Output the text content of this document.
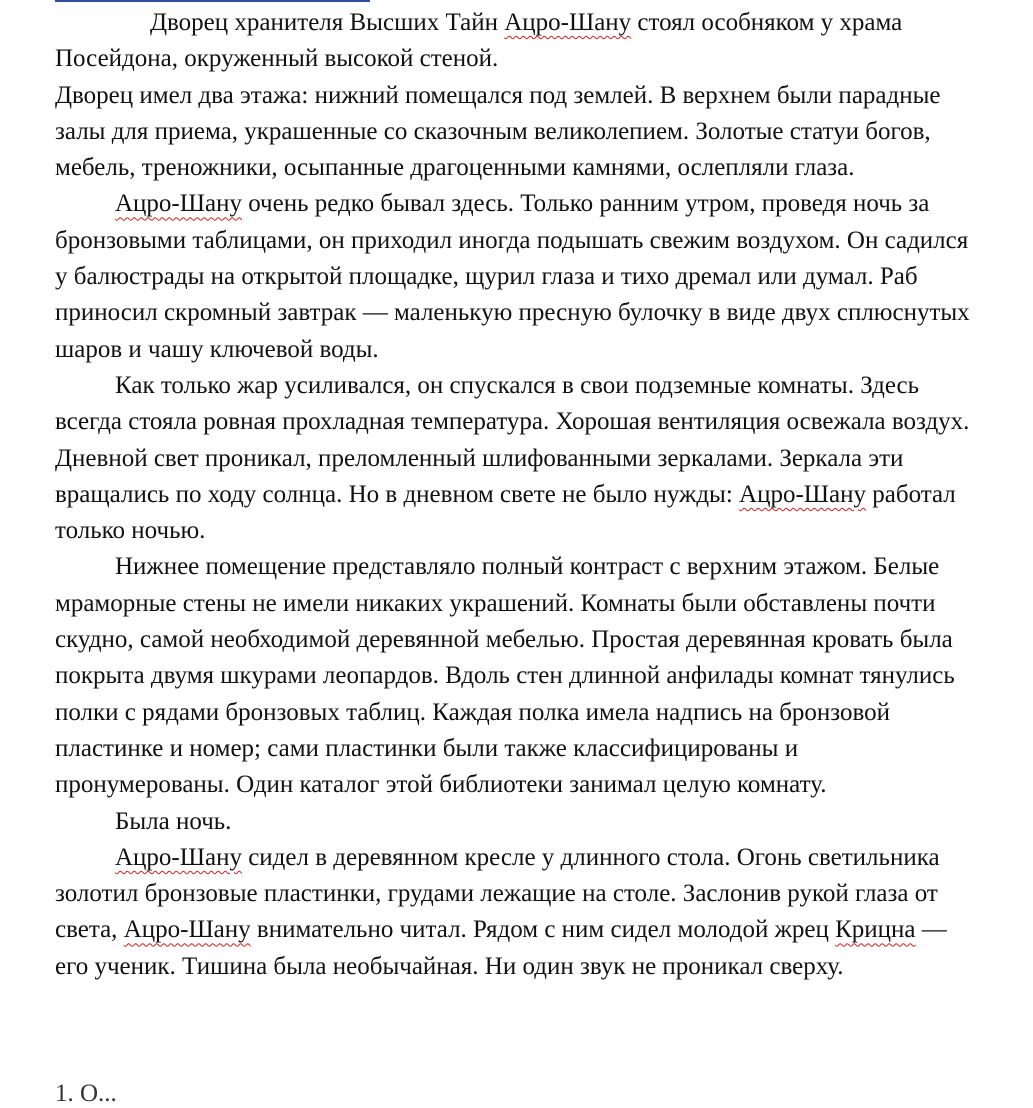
Дворец хранителя Высших Тайн Ацро-Шану стоял особняком у храма Посейдона, окруженный высокой стеной.

Дворец имел два этажа: нижний помещался под землей. В верхнем были парадные залы для приема, украшенные со сказочным великолепием. Золотые статуи богов, мебель, треножники, осыпанные драгоценными камнями, ослепляли глаза.

Ацро-Шану очень редко бывал здесь. Только ранним утром, проведя ночь за бронзовыми таблицами, он приходил иногда подышать свежим воздухом. Он садился у балюстрады на открытой площадке, щурил глаза и тихо дремал или думал. Раб приносил скромный завтрак — маленькую пресную булочку в виде двух сплюснутых шаров и чашу ключевой воды.

Как только жар усиливался, он спускался в свои подземные комнаты. Здесь всегда стояла ровная прохладная температура. Хорошая вентиляция освежала воздух. Дневной свет проникал, преломленный шлифованными зеркалами. Зеркала эти вращались по ходу солнца. Но в дневном свете не было нужды: Ацро-Шану работал только ночью.

Нижнее помещение представляло полный контраст с верхним этажом. Белые мраморные стены не имели никаких украшений. Комнаты были обставлены почти скудно, самой необходимой деревянной мебелью. Простая деревянная кровать была покрыта двумя шкурами леопардов. Вдоль стен длинной анфилады комнат тянулись полки с рядами бронзовых таблиц. Каждая полка имела надпись на бронзовой пластинке и номер; сами пластинки были также классифицированы и пронумерованы. Один каталог этой библиотеки занимал целую комнату.

Была ночь.

Ацро-Шану сидел в деревянном кресле у длинного стола. Огонь светильника золотил бронзовые пластинки, грудами лежащие на столе. Заслонив рукой глаза от света, Ацро-Шану внимательно читал. Рядом с ним сидел молодой жрец Крицна — его ученик. Тишина была необычайная. Ни один звук не проникал сверху.

1. О...
